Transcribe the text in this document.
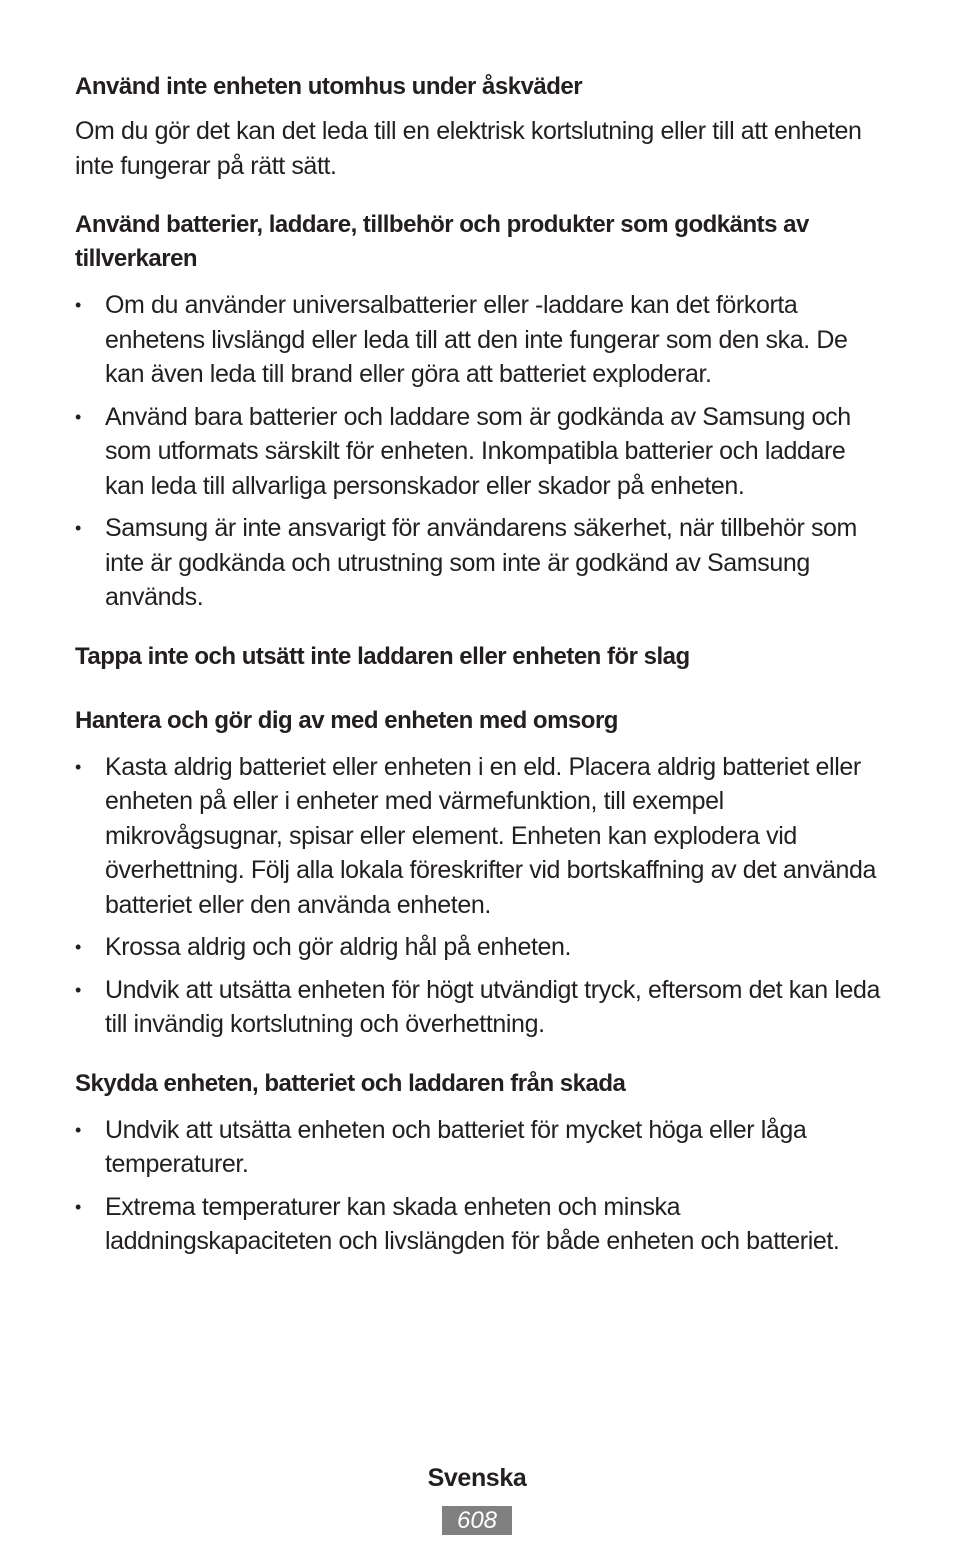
Använd inte enheten utomhus under åskväder

Om du gör det kan det leda till en elektrisk kortslutning eller till att enheten inte fungerar på rätt sätt.

Använd batterier, laddare, tillbehör och produkter som godkänts av tillverkaren
• Om du använder universalbatterier eller -laddare kan det förkorta enhetens livslängd eller leda till att den inte fungerar som den ska. De kan även leda till brand eller göra att batteriet exploderar.
• Använd bara batterier och laddare som är godkända av Samsung och som utformats särskilt för enheten. Inkompatibla batterier och laddare kan leda till allvarliga personskador eller skador på enheten.
• Samsung är inte ansvarigt för användarens säkerhet, när tillbehör som inte är godkända och utrustning som inte är godkänd av Samsung används.
Tappa inte och utsätt inte laddaren eller enheten för slag
Hantera och gör dig av med enheten med omsorg
• Kasta aldrig batteriet eller enheten i en eld. Placera aldrig batteriet eller enheten på eller i enheter med värmefunktion, till exempel mikrovågsugnar, spisar eller element. Enheten kan explodera vid överhettning. Följ alla lokala föreskrifter vid bortskaffning av det använda batteriet eller den använda enheten.
• Krossa aldrig och gör aldrig hål på enheten.
• Undvik att utsätta enheten för högt utvändigt tryck, eftersom det kan leda till invändig kortslutning och överhettning.
Skydda enheten, batteriet och laddaren från skada
• Undvik att utsätta enheten och batteriet för mycket höga eller låga temperaturer.
• Extrema temperaturer kan skada enheten och minska laddningskapaciteten och livslängden för både enheten och batteriet.
Svenska
608
